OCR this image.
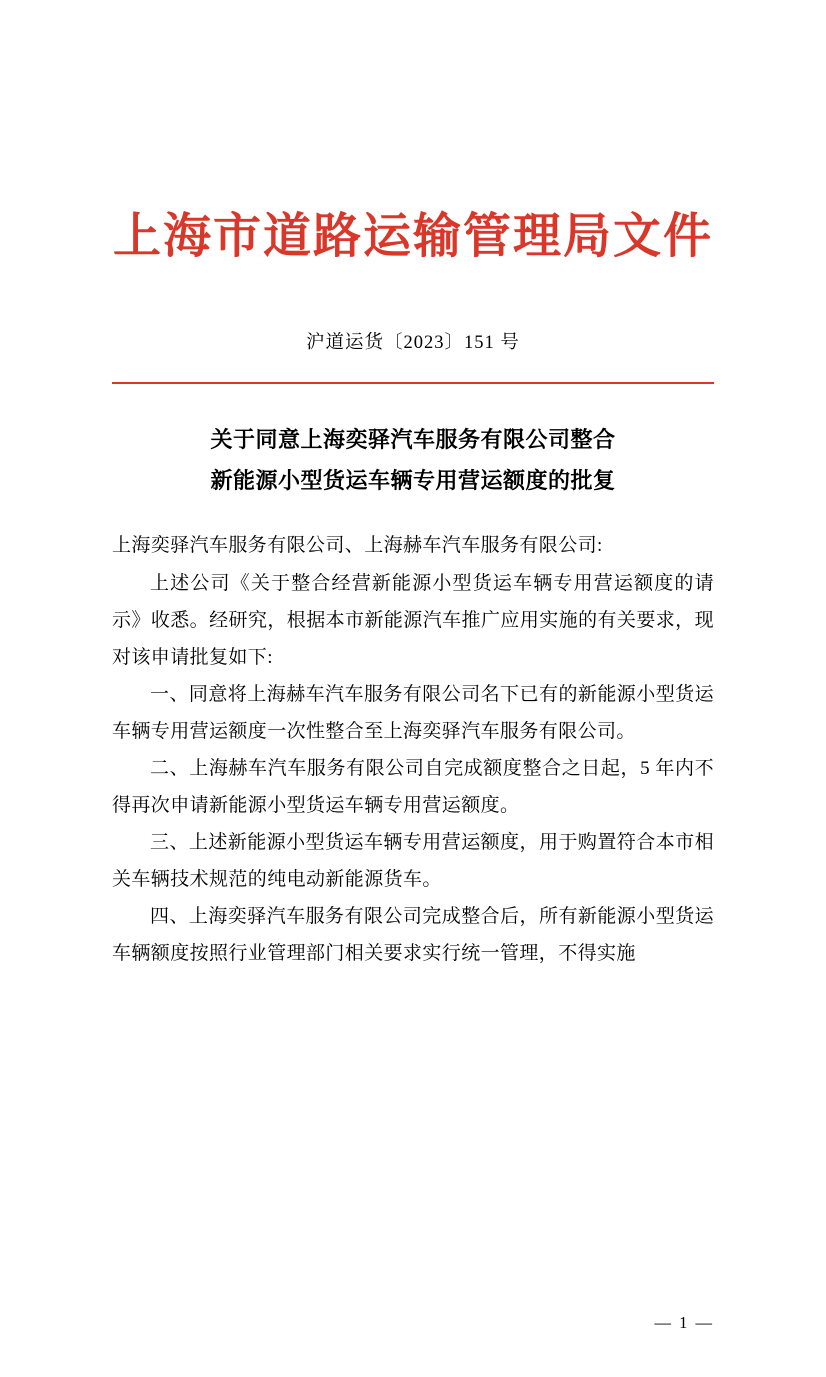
上海市道路运输管理局文件
沪道运货〔2023〕151 号
关于同意上海奕驿汽车服务有限公司整合
新能源小型货运车辆专用营运额度的批复

上海奕驿汽车服务有限公司、上海赫车汽车服务有限公司:

上述公司《关于整合经营新能源小型货运车辆专用营运额度的请示》收悉。经研究，根据本市新能源汽车推广应用实施的有关要求，现对该申请批复如下:

一、同意将上海赫车汽车服务有限公司名下已有的新能源小型货运车辆专用营运额度一次性整合至上海奕驿汽车服务有限公司。

二、上海赫车汽车服务有限公司自完成额度整合之日起，5 年内不得再次申请新能源小型货运车辆专用营运额度。

三、上述新能源小型货运车辆专用营运额度，用于购置符合本市相关车辆技术规范的纯电动新能源货车。

四、上海奕驿汽车服务有限公司完成整合后，所有新能源小型货运车辆额度按照行业管理部门相关要求实行统一管理，不得实施

— 1 —
